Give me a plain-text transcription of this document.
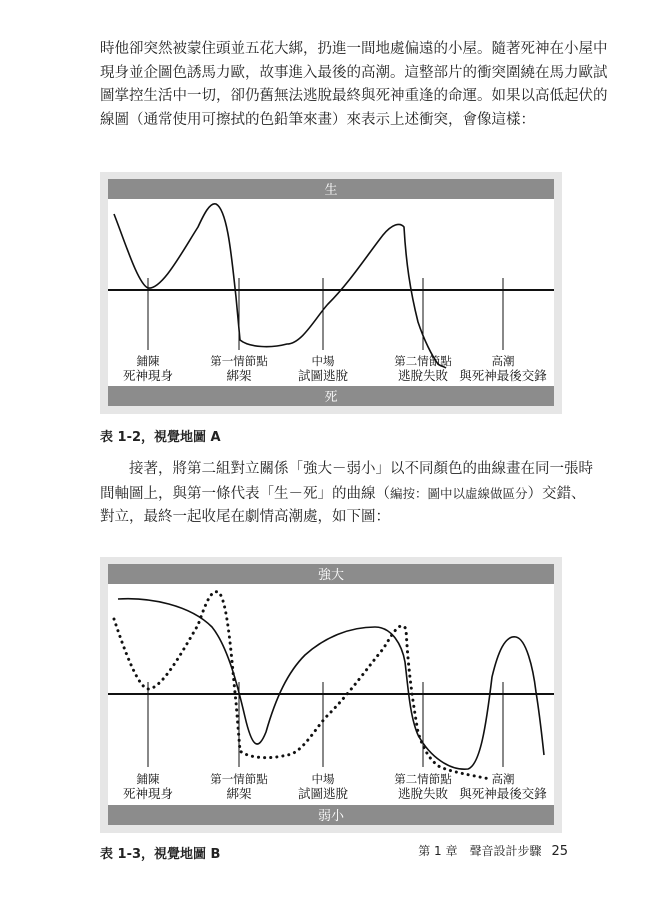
時他卻突然被蒙住頭並五花大綁，扔進一間地處偏遠的小屋。隨著死神在小屋中
現身並企圖色誘馬力歐，故事進入最後的高潮。這整部片的衝突圍繞在馬力歐試
圖掌控生活中一切，卻仍舊無法逃脫最終與死神重逢的命運。如果以高低起伏的
線圖（通常使用可擦拭的色鉛筆來畫）來表示上述衝突，會像這樣：
生
死
鋪陳
死神現身
第一情節點
綁架
中場
試圖逃脫
第二情節點
逃脫失敗
高潮
與死神最後交鋒
表 1-2，視覺地圖 A
接著，將第二組對立關係「強大－弱小」以不同顏色的曲線畫在同一張時
間軸圖上，與第一條代表「生－死」的曲線（編按：圖中以虛線做區分）交錯、
對立，最終一起收尾在劇情高潮處，如下圖：
強大
弱小
鋪陳
死神現身
第一情節點
綁架
中場
試圖逃脫
第二情節點
逃脫失敗
高潮
與死神最後交鋒
表 1-3，視覺地圖 B	第 1 章　聲音設計步驟 25
